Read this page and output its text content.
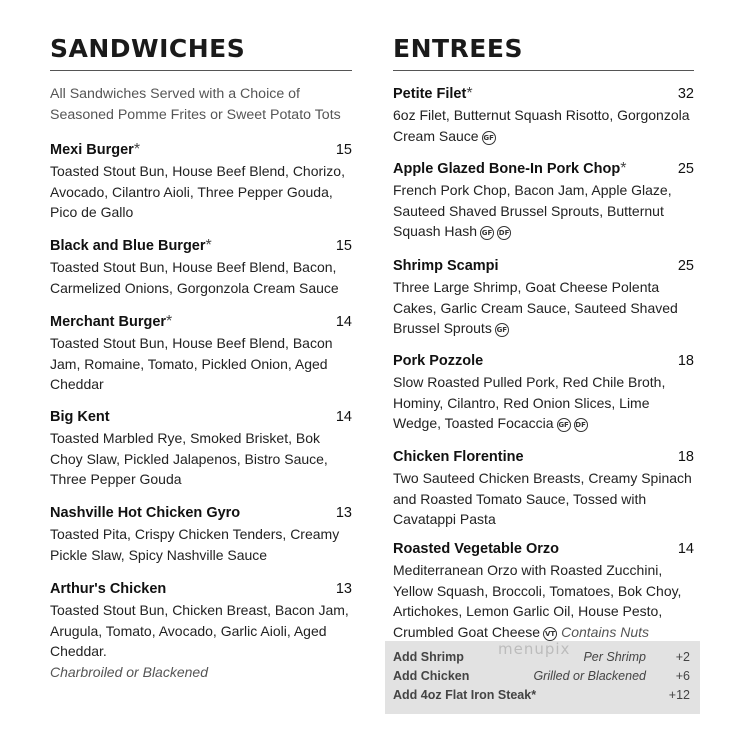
SANDWICHES
All Sandwiches Served with a Choice of Seasoned Pomme Frites or Sweet Potato Tots
Mexi Burger*	15
Toasted Stout Bun, House Beef Blend, Chorizo, Avocado, Cilantro Aioli, Three Pepper Gouda, Pico de Gallo
Black and Blue Burger*	15
Toasted Stout Bun, House Beef Blend, Bacon, Carmelized Onions, Gorgonzola Cream Sauce
Merchant Burger*	14
Toasted Stout Bun, House Beef Blend, Bacon Jam, Romaine, Tomato, Pickled Onion, Aged Cheddar
Big Kent	14
Toasted Marbled Rye, Smoked Brisket, Bok Choy Slaw, Pickled Jalapenos, Bistro Sauce, Three Pepper Gouda
Nashville Hot Chicken Gyro	13
Toasted Pita, Crispy Chicken Tenders, Creamy Pickle Slaw, Spicy Nashville Sauce
Arthur's Chicken	13
Toasted Stout Bun, Chicken Breast, Bacon Jam, Arugula, Tomato, Avocado, Garlic Aioli, Aged Cheddar.
Charbroiled or Blackened
ENTREES
Petite Filet*	32
6oz Filet, Butternut Squash Risotto, Gorgonzola Cream Sauce GF
Apple Glazed Bone-In Pork Chop*	25
French Pork Chop, Bacon Jam, Apple Glaze, Sauteed Shaved Brussel Sprouts, Butternut Squash Hash GF DF
Shrimp Scampi	25
Three Large Shrimp, Goat Cheese Polenta Cakes, Garlic Cream Sauce, Sauteed Shaved Brussel Sprouts GF
Pork Pozzole	18
Slow Roasted Pulled Pork, Red Chile Broth, Hominy, Cilantro, Red Onion Slices, Lime Wedge, Toasted Focaccia GF DF
Chicken Florentine	18
Two Sauteed Chicken Breasts, Creamy Spinach and Roasted Tomato Sauce, Tossed with Cavatappi Pasta
Roasted Vegetable Orzo	14
Mediterranean Orzo with Roasted Zucchini, Yellow Squash, Broccoli, Tomatoes, Bok Choy, Artichokes, Lemon Garlic Oil, House Pesto, Crumbled Goat Cheese VT Contains Nuts
Add Shrimp	Per Shrimp +2
Add Chicken	Grilled or Blackened +6
Add 4oz Flat Iron Steak*	+12
menupix
